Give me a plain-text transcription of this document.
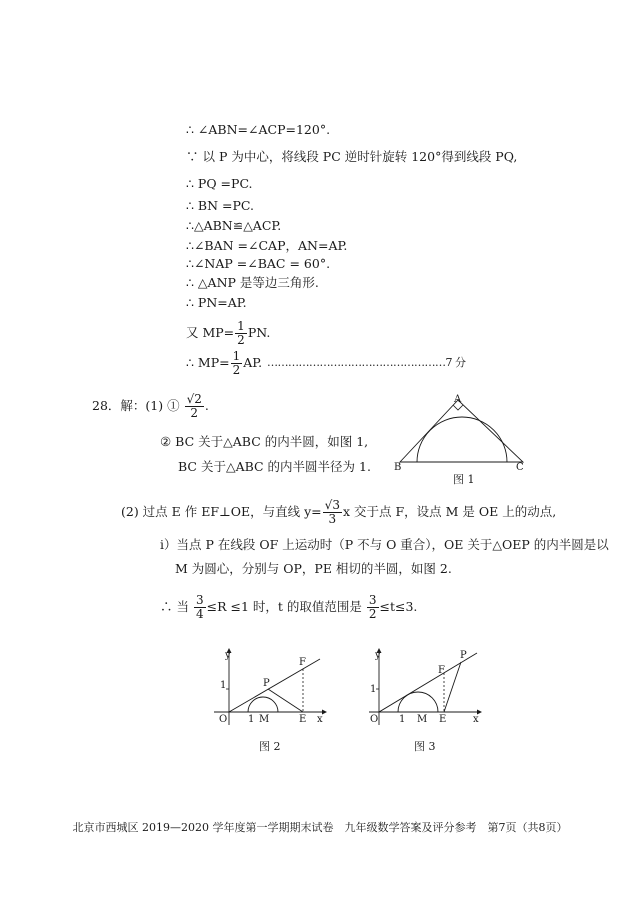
∴ ∠ABN=∠ACP=120°.
∵ 以 P 为中心，将线段 PC 逆时针旋转 120°得到线段 PQ,
∴ PQ =PC.
∴ BN =PC.
∴△ABN≌△ACP.
∴∠BAN =∠CAP，AN=AP.
∴∠NAP =∠BAC = 60°.
∴ △ANP 是等边三角形.
∴ PN=AP.
又 $MP= \frac{1}{2}$ PN.
∴ $MP= \frac{1}{2}$ AP. ……………………………………………7 分
28．解：(1) ① $\frac{√2}{2}$ .
② BC 关于△ABC 的内半圆，如图 1,
BC 关于△ABC 的内半圆半径为 1.
A
B	C
图 1
(2) 过点 E 作 EF⊥OE，与直线 $y= \frac{√3}{3}$ x 交于点 F，设点 M 是 OE 上的动点,
i）当点 P 在线段 OF 上运动时（P 不与 O 重合），OE 关于△OEP 的内半圆是以
M 为圆心，分别与 OP，PE 相切的半圆，如图 2.
∴ 当 $\frac{3}{4} \le R \le 1$ 时，t 的取值范围是 $\frac{3}{2} \le t\le 3$.
1
y
x
O 1 M	E
P
F
图 2
1
y
x
O 1 M E
P
F
图 3
北京市西城区 2019—2020 学年度第一学期期末试卷　九年级数学答案及评分参考　第7页（共8页）
